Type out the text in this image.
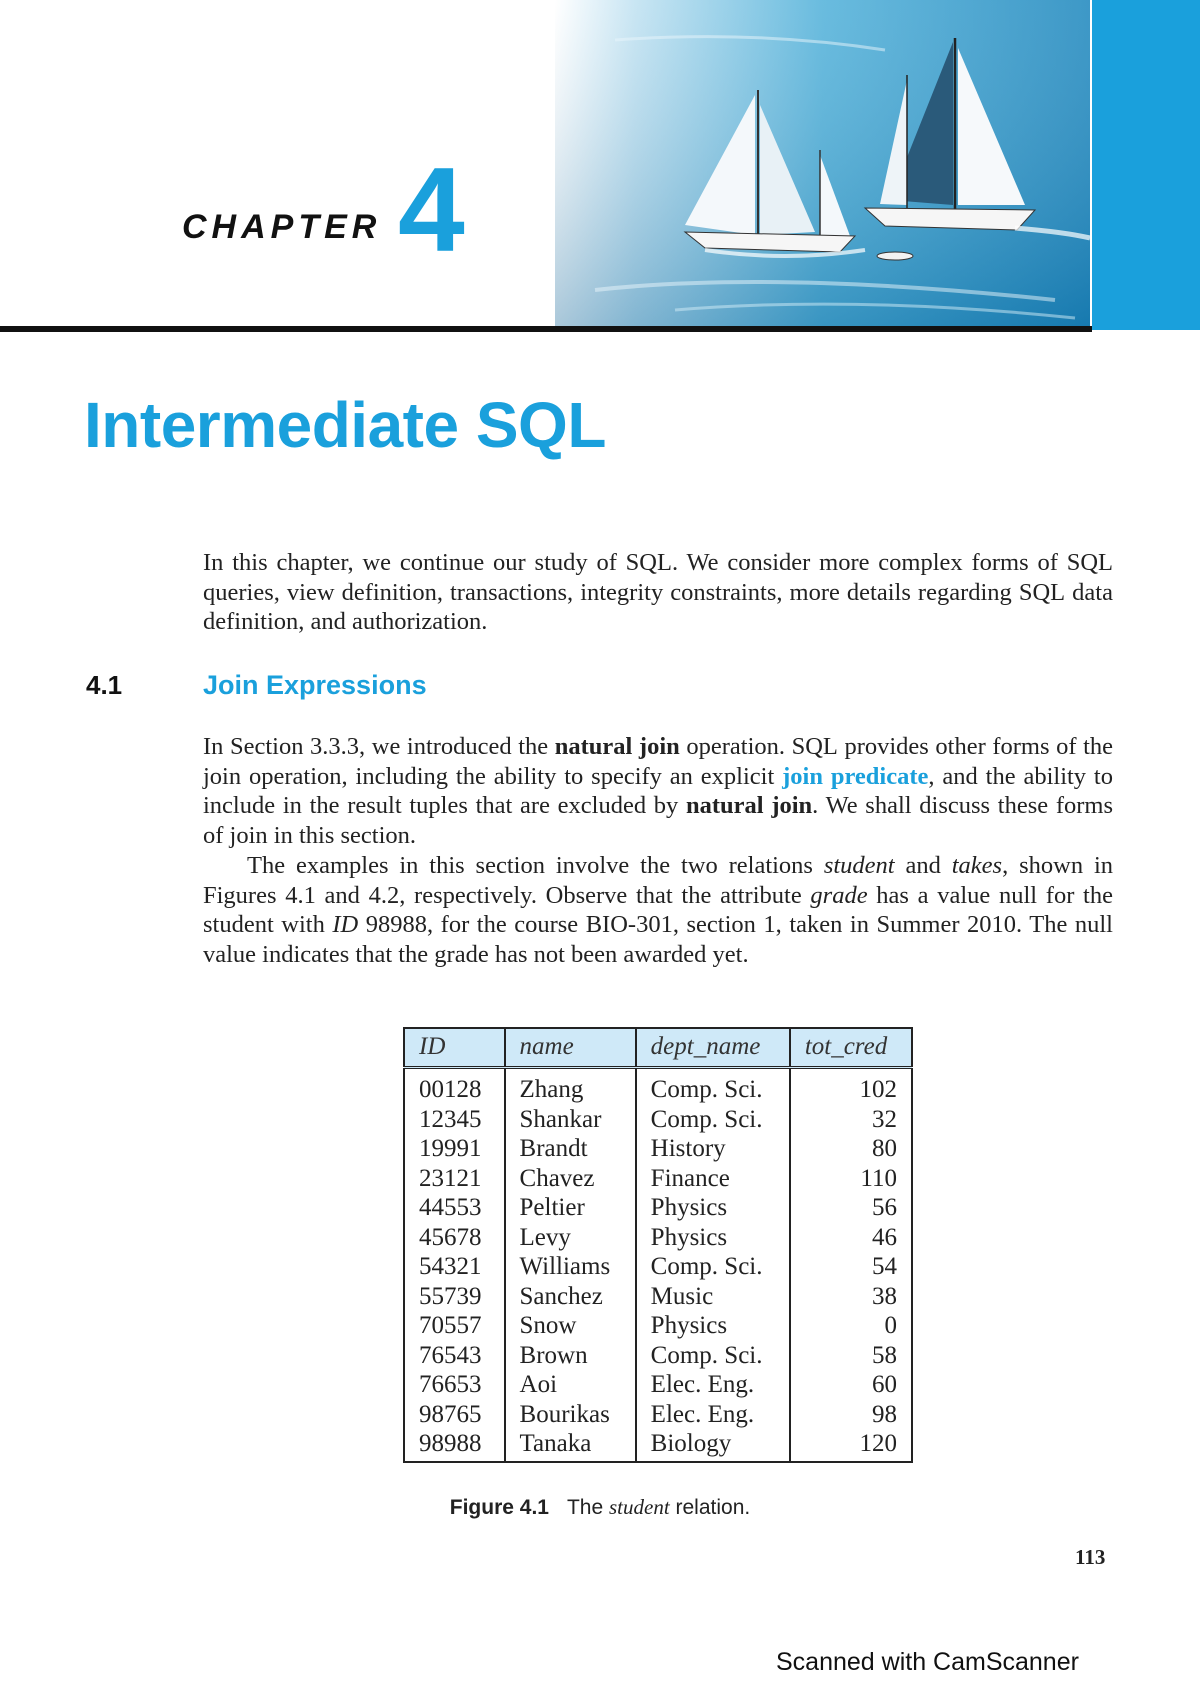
CHAPTER 4
Intermediate SQL
In this chapter, we continue our study of SQL. We consider more complex forms of SQL queries, view definition, transactions, integrity constraints, more details regarding SQL data definition, and authorization.
4.1	Join Expressions
In Section 3.3.3, we introduced the natural join operation. SQL provides other forms of the join operation, including the ability to specify an explicit join predicate, and the ability to include in the result tuples that are excluded by natural join. We shall discuss these forms of join in this section.
The examples in this section involve the two relations student and takes, shown in Figures 4.1 and 4.2, respectively. Observe that the attribute grade has a value null for the student with ID 98988, for the course BIO-301, section 1, taken in Summer 2010. The null value indicates that the grade has not been awarded yet.
ID	name	dept_name	tot_cred
00128	Zhang	Comp. Sci.	102
12345	Shankar	Comp. Sci.	32
19991	Brandt	History	80
23121	Chavez	Finance	110
44553	Peltier	Physics	56
45678	Levy	Physics	46
54321	Williams	Comp. Sci.	54
55739	Sanchez	Music	38
70557	Snow	Physics	0
76543	Brown	Comp. Sci.	58
76653	Aoi	Elec. Eng.	60
98765	Bourikas	Elec. Eng.	98
98988	Tanaka	Biology	120
Figure 4.1 The student relation.
113
Scanned with CamScanner
